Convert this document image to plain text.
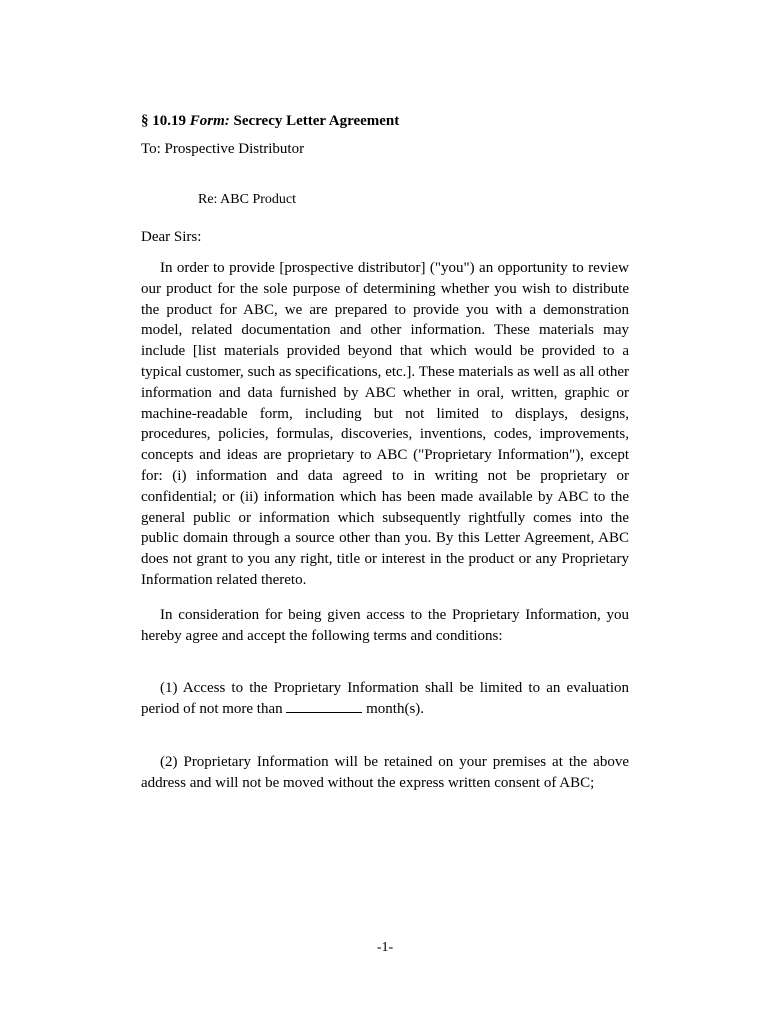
§ 10.19 Form: Secrecy Letter Agreement

To: Prospective Distributor

Re: ABC Product

Dear Sirs:

In order to provide [prospective distributor] ("you") an opportunity to review our product for the sole purpose of determining whether you wish to distribute the product for ABC, we are prepared to provide you with a demonstration model, related documentation and other information. These materials may include [list materials provided beyond that which would be provided to a typical customer, such as specifications, etc.]. These materials as well as all other information and data furnished by ABC whether in oral, written, graphic or machine-readable form, including but not limited to displays, designs, procedures, policies, formulas, discoveries, inventions, codes, improvements, concepts and ideas are proprietary to ABC ("Proprietary Information"), except for: (i) information and data agreed to in writing not be proprietary or confidential; or (ii) information which has been made available by ABC to the general public or information which subsequently rightfully comes into the public domain through a source other than you. By this Letter Agreement, ABC does not grant to you any right, title or interest in the product or any Proprietary Information related thereto.

In consideration for being given access to the Proprietary Information, you hereby agree and accept the following terms and conditions:

(1) Access to the Proprietary Information shall be limited to an evaluation period of not more than	month(s).

(2) Proprietary Information will be retained on your premises at the above address and will not be moved without the express written consent of ABC;

-1-
